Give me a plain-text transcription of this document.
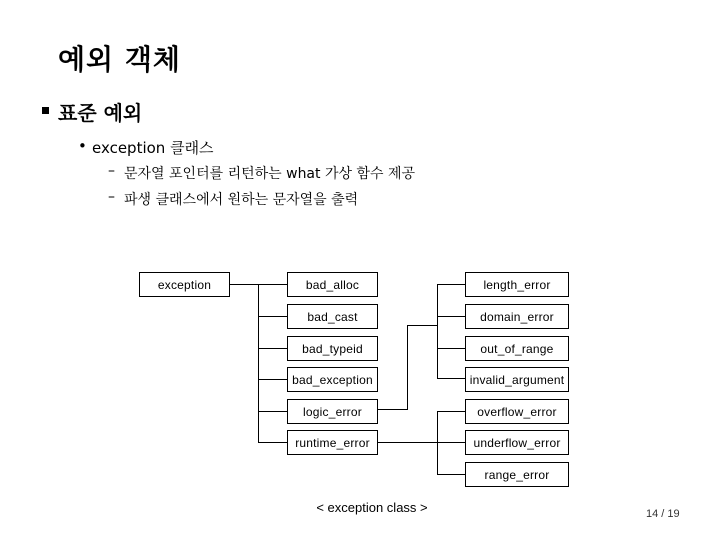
예외 객체
표준 예외
• exception 클래스
– 문자열 포인터를 리턴하는 what 가상 함수 제공
– 파생 클래스에서 원하는 문자열을 출력
exception	bad_alloc
bad_cast
bad_typeid
bad_exception
logic_error
runtime_error
length_error
domain_error
out_of_range
invalid_argument
overflow_error
underflow_error
range_error
< exception class >	14 / 19
